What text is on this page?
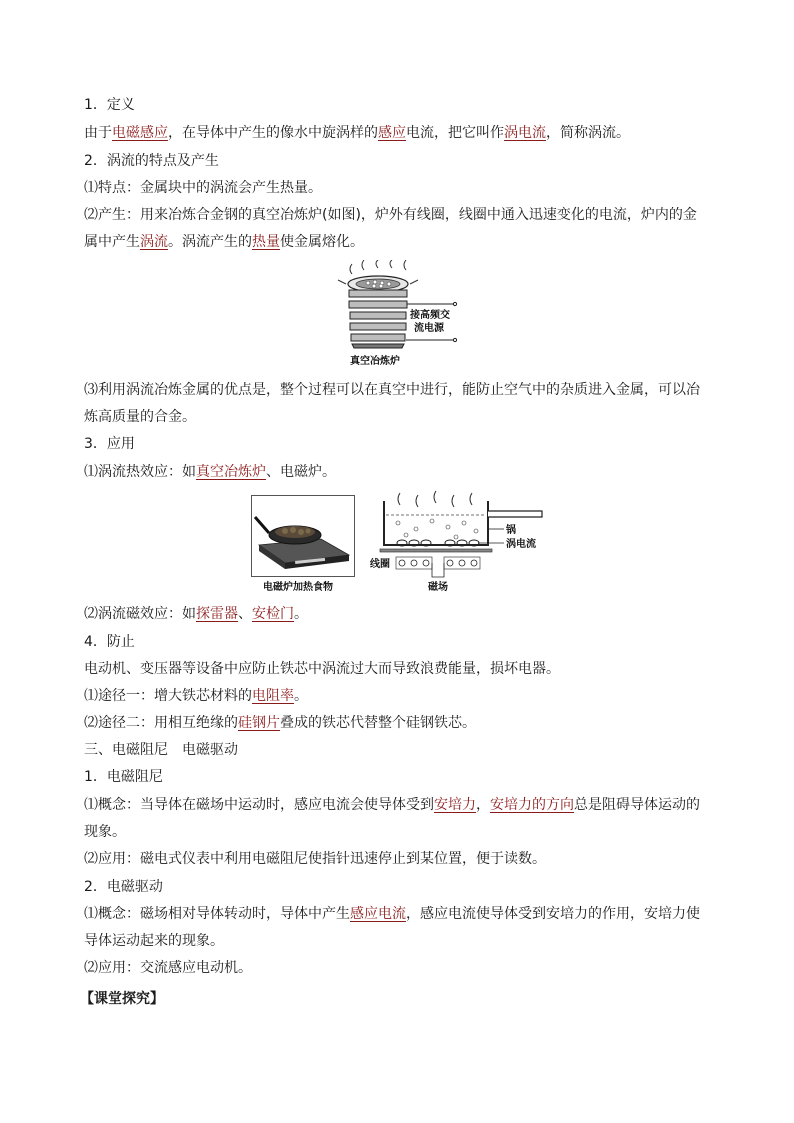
1．定义
由于电磁感应，在导体中产生的像水中旋涡样的感应电流，把它叫作涡电流，简称涡流。
2．涡流的特点及产生
⑴特点：金属块中的涡流会产生热量。
⑵产生：用来冶炼合金钢的真空冶炼炉(如图)，炉外有线圈，线圈中通入迅速变化的电流，炉内的金
属中产生涡流。涡流产生的热量使金属熔化。
接高频交
流电源
真空冶炼炉
⑶利用涡流冶炼金属的优点是，整个过程可以在真空中进行，能防止空气中的杂质进入金属，可以冶
炼高质量的合金。
3．应用
⑴涡流热效应：如真空冶炼炉、电磁炉。
电磁炉加热食物
锅
涡电流
线圈
磁场
⑵涡流磁效应：如探雷器、安检门。
4．防止
电动机、变压器等设备中应防止铁芯中涡流过大而导致浪费能量，损坏电器。
⑴途径一：增大铁芯材料的电阻率。
⑵途径二：用相互绝缘的硅钢片叠成的铁芯代替整个硅钢铁芯。
三、电磁阻尼　电磁驱动
1．电磁阻尼
⑴概念：当导体在磁场中运动时，感应电流会使导体受到安培力，安培力的方向总是阻碍导体运动的
现象。
⑵应用：磁电式仪表中利用电磁阻尼使指针迅速停止到某位置，便于读数。
2．电磁驱动
⑴概念：磁场相对导体转动时，导体中产生感应电流，感应电流使导体受到安培力的作用，安培力使
导体运动起来的现象。
⑵应用：交流感应电动机。
【课堂探究】
